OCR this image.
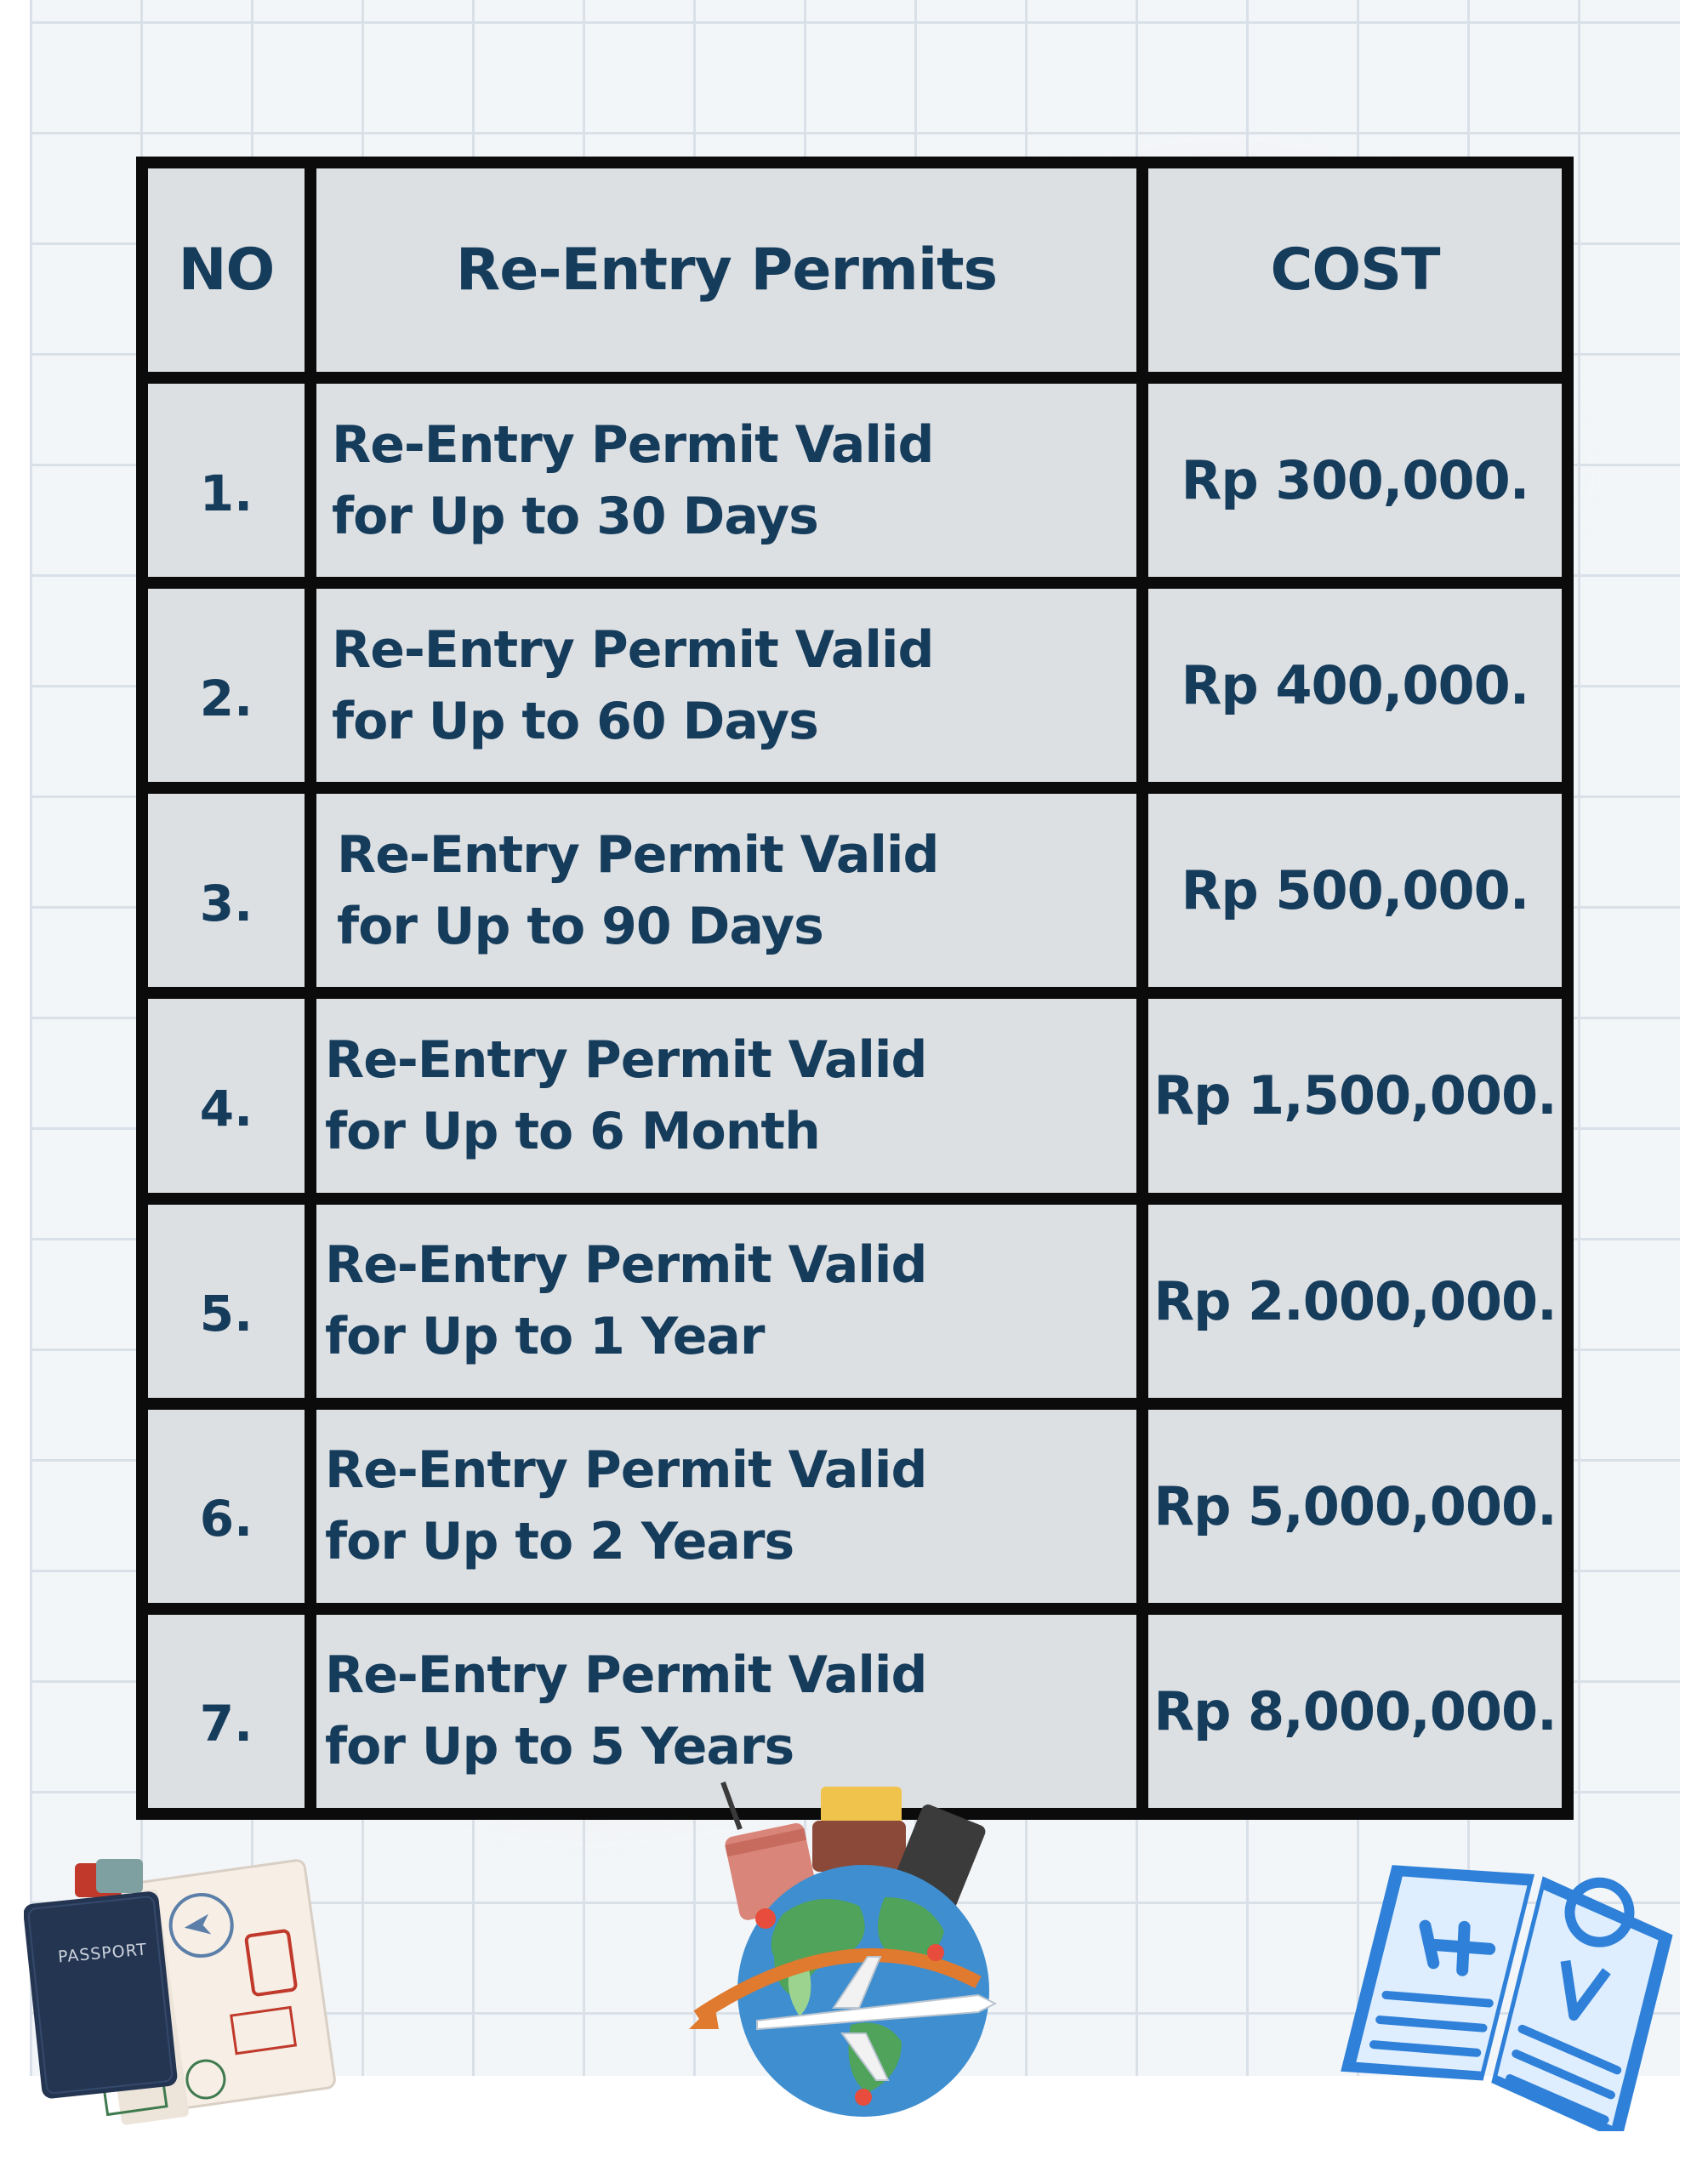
NO	Re-Entry Permits	COST
1.
Re-Entry Permit Valid
for Up to 30 Days
Rp 300,000.
2.
Re-Entry Permit Valid
for Up to 60 Days
Rp 400,000.
3.
Re-Entry Permit Valid
for Up to 90 Days
Rp 500,000.
4.
Re-Entry Permit Valid
for Up to 6 Month
Rp 1,500,000.
5.
Re-Entry Permit Valid
for Up to 1 Year
Rp 2.000,000.
6.
Re-Entry Permit Valid
for Up to 2 Years
Rp 5,000,000.
7.
Re-Entry Permit Valid
for Up to 5 Years
Rp 8,000,000.
PASSPORT
